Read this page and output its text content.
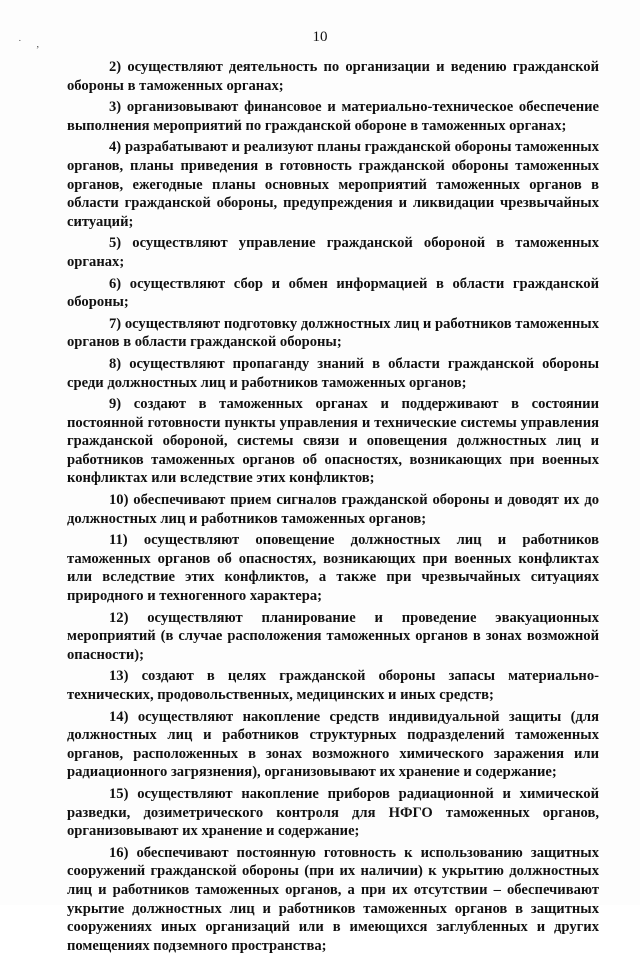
10
˙ ,

2) осуществляют деятельность по организации и ведению гражданской обороны в таможенных органах;

3) организовывают финансовое и материально-техническое обеспечение выполнения мероприятий по гражданской обороне в таможенных органах;

4) разрабатывают и реализуют планы гражданской обороны таможенных органов, планы приведения в готовность гражданской обороны таможенных органов, ежегодные планы основных мероприятий таможенных органов в области гражданской обороны, предупреждения и ликвидации чрезвычайных ситуаций;

5) осуществляют управление гражданской обороной в таможенных органах;

6) осуществляют сбор и обмен информацией в области гражданской обороны;

7) осуществляют подготовку должностных лиц и работников таможенных органов в области гражданской обороны;

8) осуществляют пропаганду знаний в области гражданской обороны среди должностных лиц и работников таможенных органов;

9) создают в таможенных органах и поддерживают в состоянии постоянной готовности пункты управления и технические системы управления гражданской обороной, системы связи и оповещения должностных лиц и работников таможенных органов об опасностях, возникающих при военных конфликтах или вследствие этих конфликтов;

10) обеспечивают прием сигналов гражданской обороны и доводят их до должностных лиц и работников таможенных органов;

11) осуществляют оповещение должностных лиц и работников таможенных органов об опасностях, возникающих при военных конфликтах или вследствие этих конфликтов, а также при чрезвычайных ситуациях природного и техногенного характера;

12) осуществляют планирование и проведение эвакуационных мероприятий (в случае расположения таможенных органов в зонах возможной опасности);

13) создают в целях гражданской обороны запасы материально-технических, продовольственных, медицинских и иных средств;

14) осуществляют накопление средств индивидуальной защиты (для должностных лиц и работников структурных подразделений таможенных органов, расположенных в зонах возможного химического заражения или радиационного загрязнения), организовывают их хранение и содержание;

15) осуществляют накопление приборов радиационной и химической разведки, дозиметрического контроля для НФГО таможенных органов, организовывают их хранение и содержание;

16) обеспечивают постоянную готовность к использованию защитных сооружений гражданской обороны (при их наличии) к укрытию должностных лиц и работников таможенных органов, а при их отсутствии – обеспечивают укрытие должностных лиц и работников таможенных органов в защитных сооружениях иных организаций или в имеющихся заглубленных и других помещениях подземного пространства;
